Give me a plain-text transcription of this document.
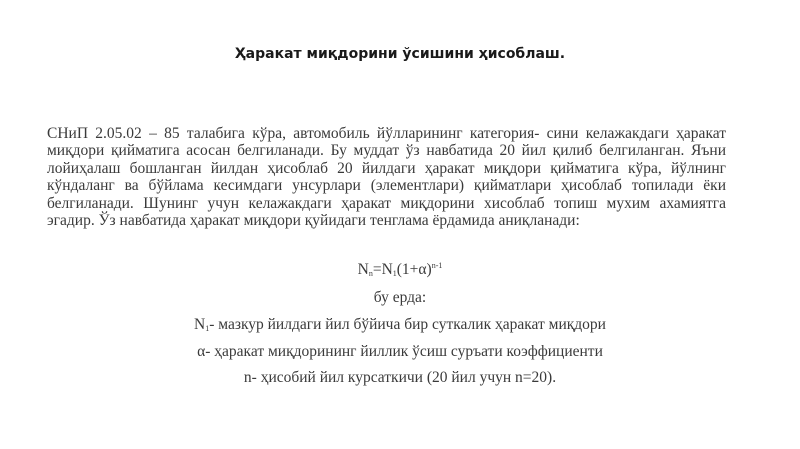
Ҳаракат миқдорини ўсишини ҳисоблаш.
СНиП 2.05.02 – 85 талабига кўра, автомобиль йўлларининг категория- сини келажакдаги ҳаракат миқдори қийматига асосан белгиланади. Бу муддат ўз навбатида 20 йил қилиб белгиланган. Яъни лойиҳалаш бошланган йилдан ҳисоблаб 20 йилдаги ҳаракат миқдори қийматига кўра, йўлнинг кўндаланг ва бўйлама кесимдаги унсурлари (элементлари) қийматлари ҳисоблаб топилади ёки белгиланади. Шунинг учун келажакдаги ҳаракат миқдорини хисоблаб топиш мухим ахамиятга эгадир. Ўз навбатида ҳаракат миқдори қуйидаги тенглама ёрдамида аниқланади:
$N_n=N_1(1+\alpha)^{n-1}$
бу ерда:
$N_1-$ мазкур йилдаги йил бўйича бир суткалик ҳаракат миқдори
α- ҳаракат миқдорининг йиллик ўсиш суръати коэффициенти
n- ҳисобий йил курсаткичи (20 йил учун n=20).
